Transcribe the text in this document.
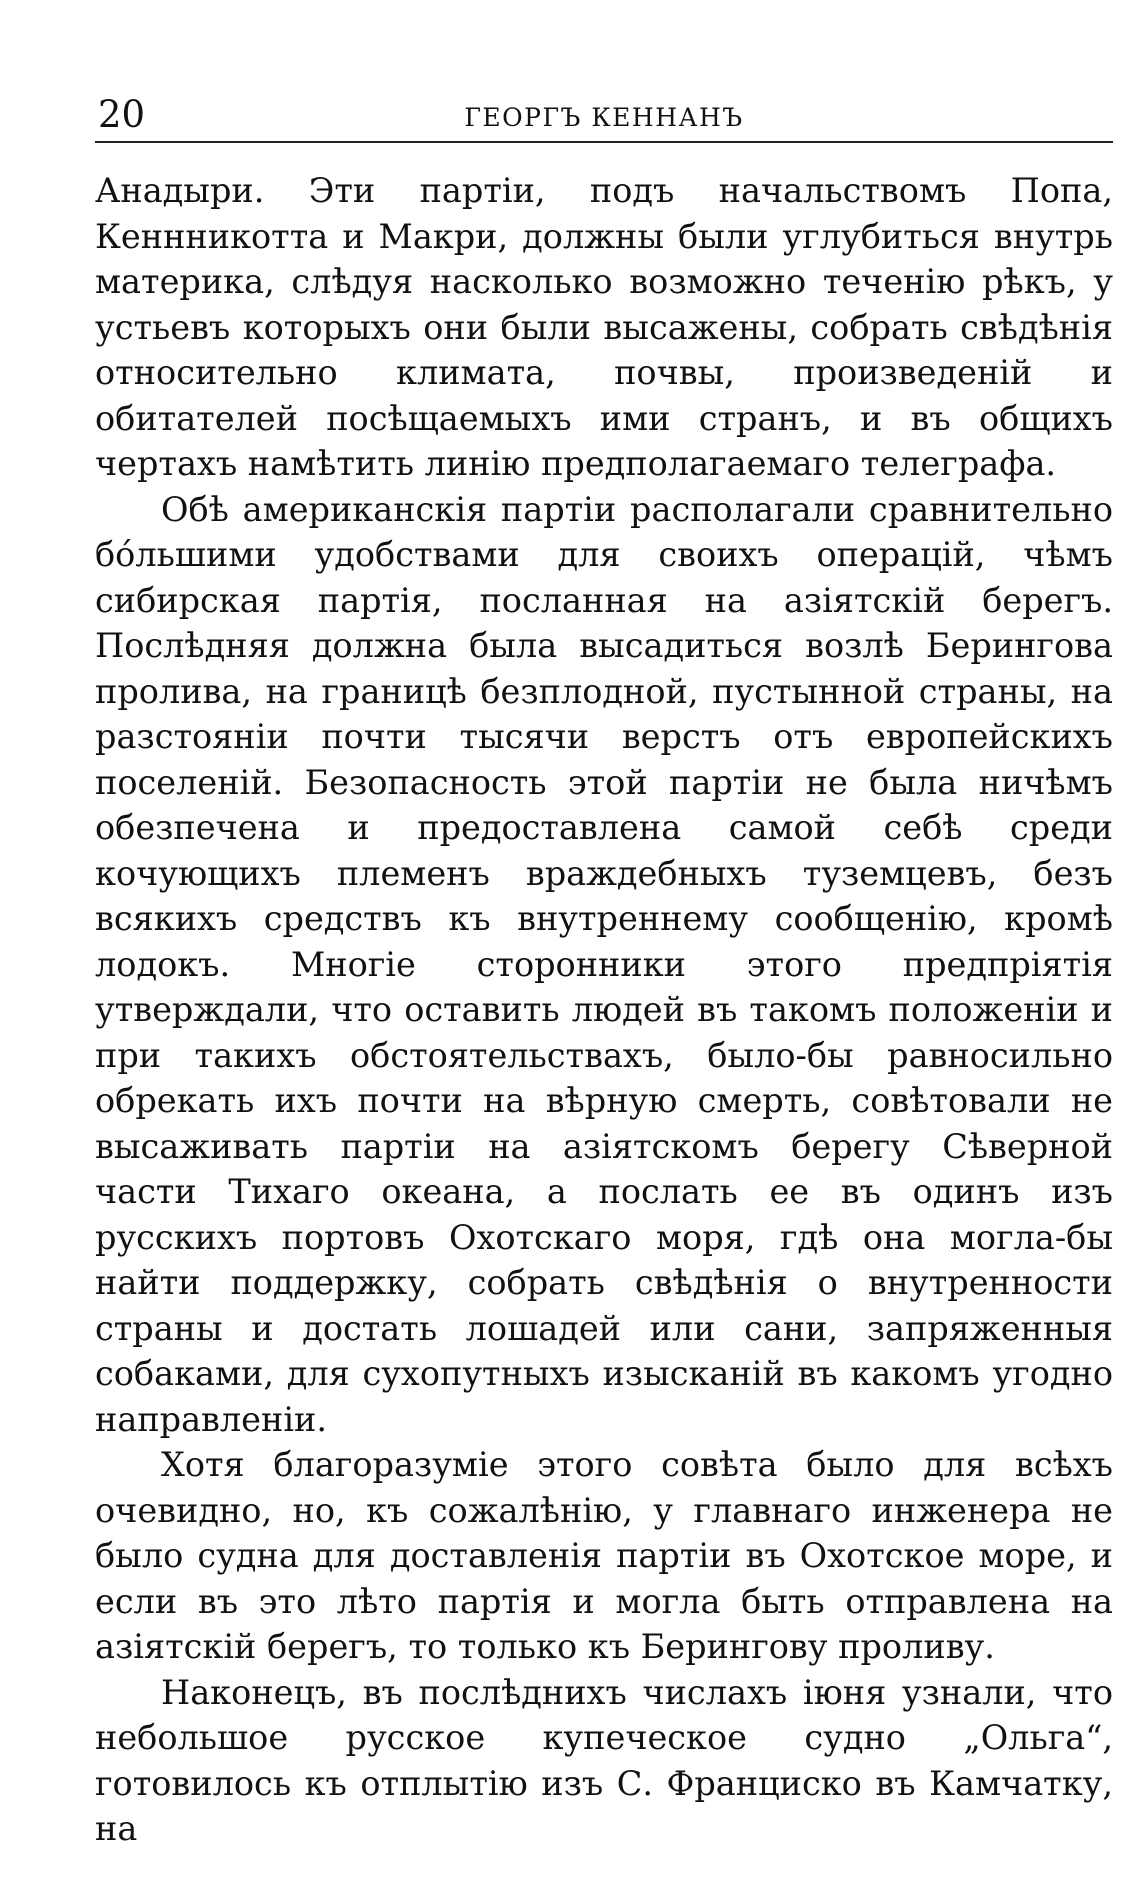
20	ГЕОРГЪ КЕННАНЪ

Анадыри. Эти партіи, подъ начальствомъ Попа, Кеннникотта и Макри, должны были углубиться внутрь материка, слѣдуя насколько возможно теченію рѣкъ, у устьевъ которыхъ они были высажены, собрать свѣдѣнія относительно климата, почвы, произведеній и обитателей посѣщаемыхъ ими странъ, и въ общихъ чертахъ намѣтить линію предполагаемаго телеграфа.

Обѣ американскія партіи располагали сравнительно бóльшими удобствами для своихъ операцій, чѣмъ сибирская партія, посланная на азіятскій берегъ. Послѣдняя должна была высадиться возлѣ Берингова пролива, на границѣ безплодной, пустынной страны, на разстояніи почти тысячи верстъ отъ европейскихъ поселеній. Безопасность этой партіи не была ничѣмъ обезпечена и предоставлена самой себѣ среди кочующихъ племенъ враждебныхъ туземцевъ, безъ всякихъ средствъ къ внутреннему сообщенію, кромѣ лодокъ. Многіе сторонники этого предпріятія утверждали, что оставить людей въ такомъ положеніи и при такихъ обстоятельствахъ, было-бы равносильно обрекать ихъ почти на вѣрную смерть, совѣтовали не высаживать партіи на азіятскомъ берегу Сѣверной части Тихаго океана, а послать ее въ одинъ изъ русскихъ портовъ Охотскаго моря, гдѣ она могла-бы найти поддержку, собрать свѣдѣнія о внутренности страны и достать лошадей или сани, запряженныя собаками, для сухопутныхъ изысканій въ какомъ угодно направленіи.

Хотя благоразуміе этого совѣта было для всѣхъ очевидно, но, къ сожалѣнію, у главнаго инженера не было судна для доставленія партіи въ Охотское море, и если въ это лѣто партія и могла быть отправлена на азіятскій берегъ, то только къ Берингову проливу.

Наконецъ, въ послѣднихъ числахъ іюня узнали, что небольшое русское купеческое судно „Ольга“, готовилось къ отплытію изъ С. Франциско въ Камчатку, на
